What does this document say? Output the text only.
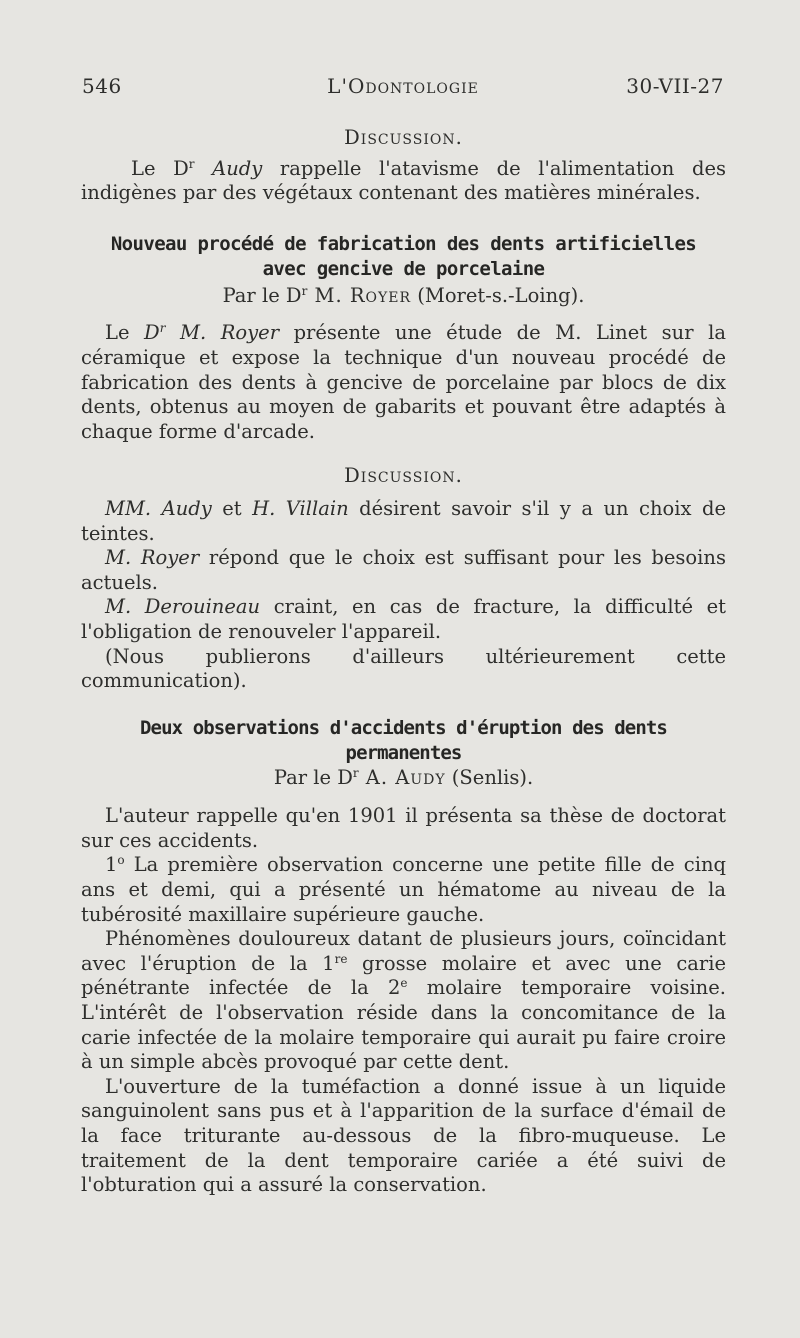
546	L'Odontologie	30-VII-27

Discussion.

Le $D^r$ Audy rappelle l'atavisme de l'alimentation des indigènes par des végétaux contenant des matières minérales.

Nouveau procédé de fabrication des dents artificielles

avec gencive de porcelaine

Par le $D^r$ M. Royer (Moret-s.-Loing).

Le $D^r$ M. Royer présente une étude de M. Linet sur la céramique et expose la technique d'un nouveau procédé de fabrication des dents à gencive de porcelaine par blocs de dix dents, obtenus au moyen de gabarits et pouvant être adaptés à chaque forme d'arcade.

Discussion.

MM. Audy et H. Villain désirent savoir s'il y a un choix de teintes.

M. Royer répond que le choix est suffisant pour les besoins actuels.

M. Derouineau craint, en cas de fracture, la difficulté et l'obligation de renouveler l'appareil.

(Nous publierons d'ailleurs ultérieurement cette communication).

Deux observations d'accidents d'éruption des dents permanentes

Par le $D^r$ A. Audy (Senlis).

L'auteur rappelle qu'en 1901 il présenta sa thèse de doctorat sur ces accidents.

1$^o$ La première observation concerne une petite fille de cinq ans et demi, qui a présenté un hématome au niveau de la tubérosité maxillaire supérieure gauche.

Phénomènes douloureux datant de plusieurs jours, coïncidant avec l'éruption de la 1re grosse molaire et avec une carie pénétrante infectée de la 2e molaire temporaire voisine. L'intérêt de l'observation réside dans la concomitance de la carie infectée de la molaire temporaire qui aurait pu faire croire à un simple abcès provoqué par cette dent.

L'ouverture de la tuméfaction a donné issue à un liquide sanguinolent sans pus et à l'apparition de la surface d'émail de la face triturante au-dessous de la fibro-muqueuse. Le traitement de la dent temporaire cariée a été suivi de l'obturation qui a assuré la conservation.
